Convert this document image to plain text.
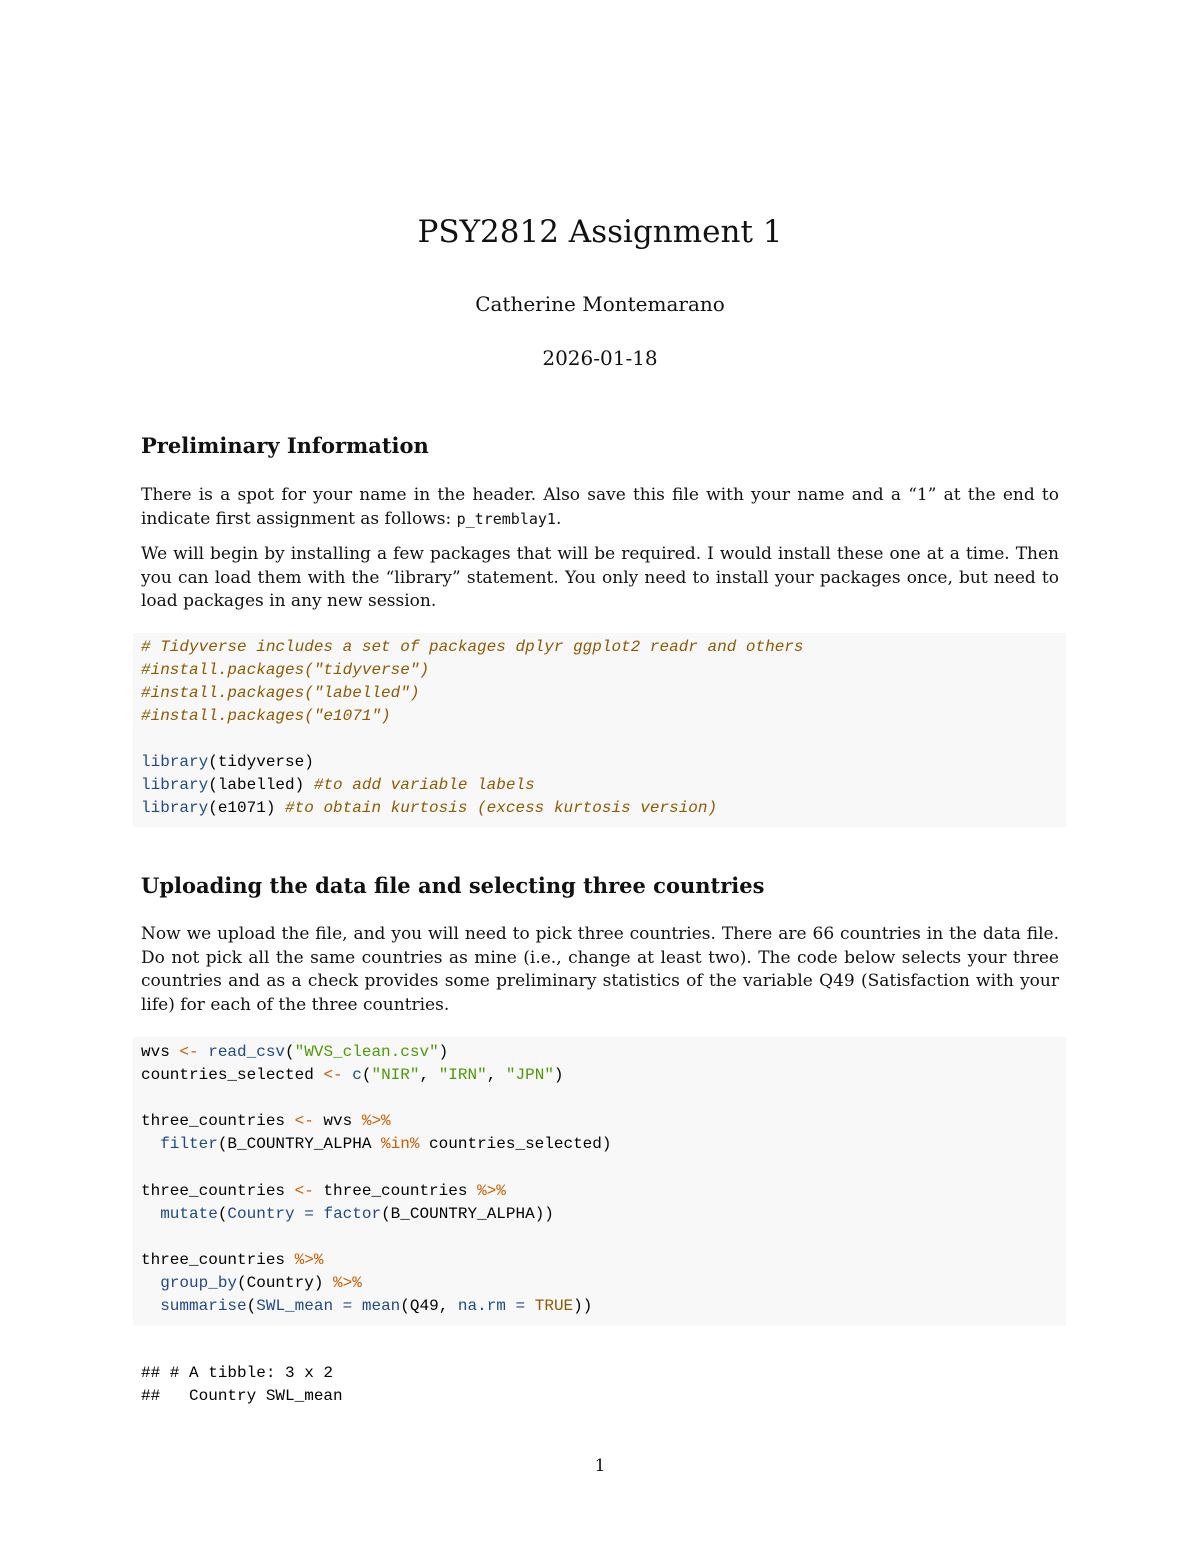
PSY2812 Assignment 1
Catherine Montemarano
2026-01-18
Preliminary Information

There is a spot for your name in the header. Also save this file with your name and a “1” at the end to indicate first assignment as follows: p_tremblay1.

We will begin by installing a few packages that will be required. I would install these one at a time. Then you can load them with the “library” statement. You only need to install your packages once, but need to load packages in any new session.

# Tidyverse includes a set of packages dplyr ggplot2 readr and others
#install.packages("tidyverse")
#install.packages("labelled")
#install.packages("e1071")
library(tidyverse)
library(labelled) #to add variable labels
library(e1071) #to obtain kurtosis (excess kurtosis version)
Uploading the data file and selecting three countries

Now we upload the file, and you will need to pick three countries. There are 66 countries in the data file. Do not pick all the same countries as mine (i.e., change at least two). The code below selects your three countries and as a check provides some preliminary statistics of the variable Q49 (Satisfaction with your life) for each of the three countries.

wvs <- read_csv("WVS_clean.csv")
countries_selected <- c("NIR", "IRN", "JPN")
three_countries <- wvs %>%
filter(B_COUNTRY_ALPHA %in% countries_selected)
three_countries <- three_countries %>%
mutate(Country = factor(B_COUNTRY_ALPHA))
three_countries %>%
group_by(Country) %>%
summarise(SWL_mean = mean(Q49, na.rm = TRUE))
## # A tibble: 3 x 2
##   Country SWL_mean
1
